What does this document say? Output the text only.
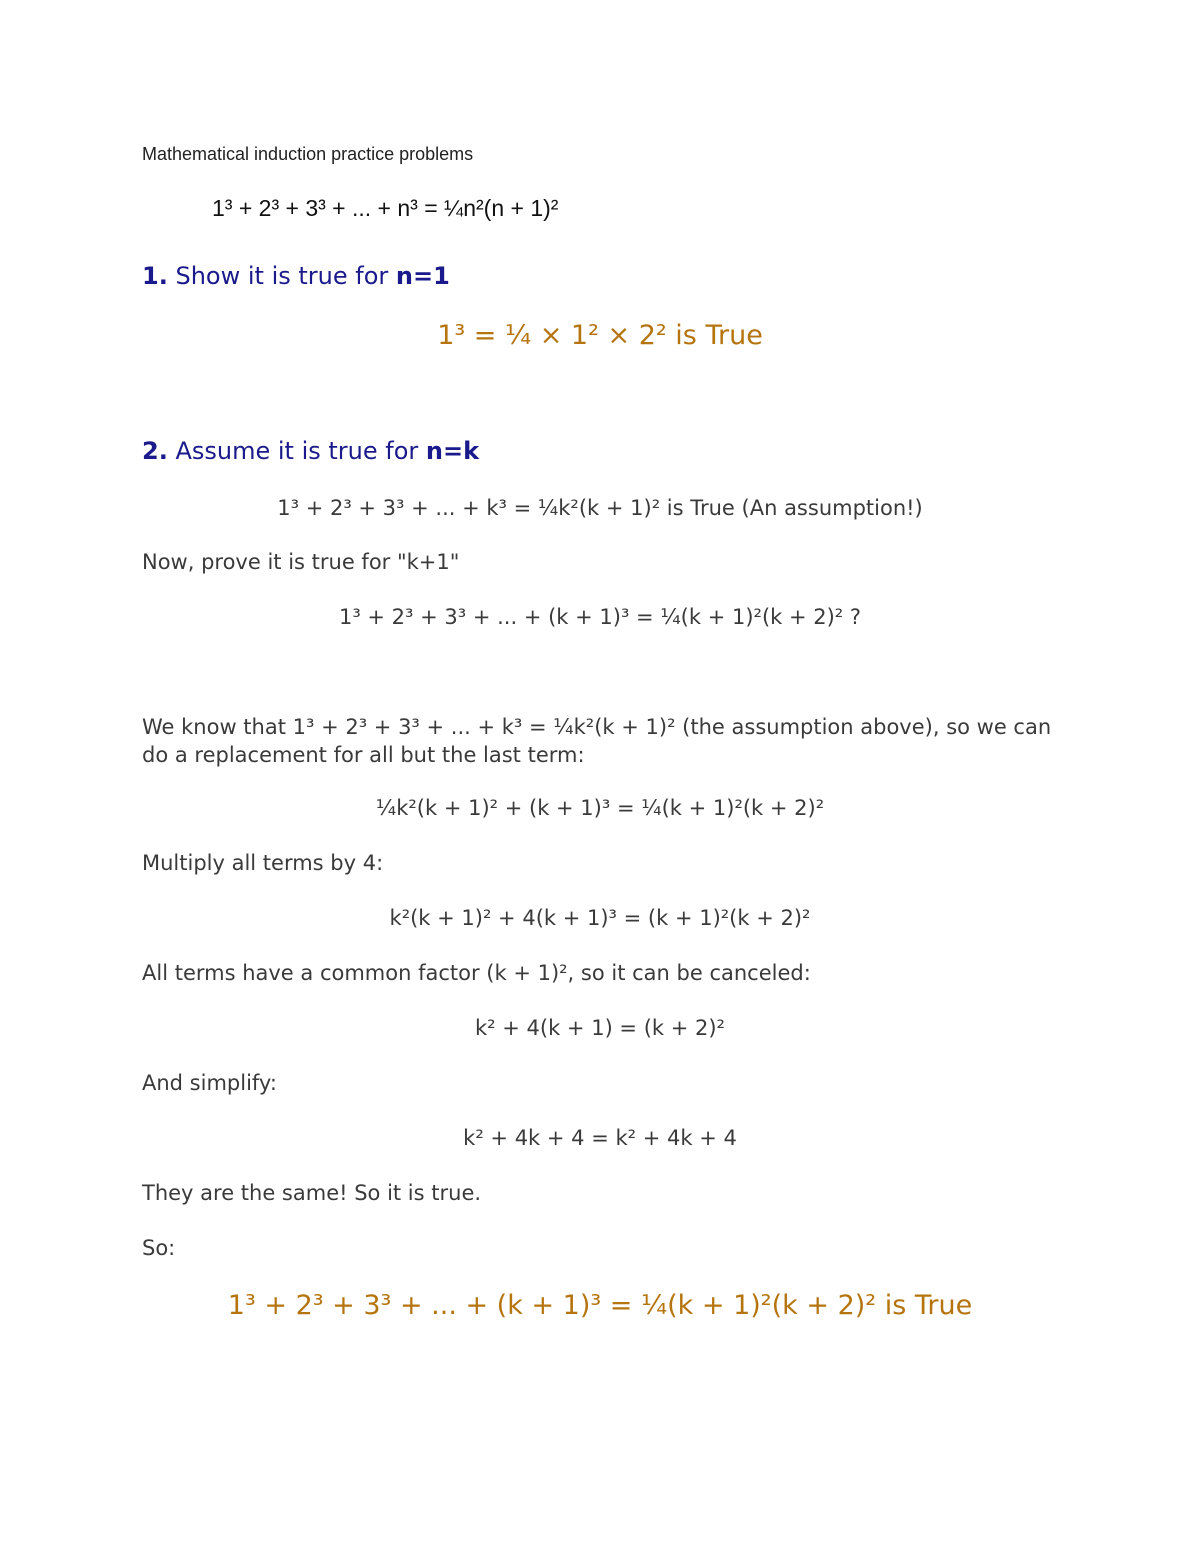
Mathematical induction practice problems
1³ + 2³ + 3³ + ... + n³ = ¼n²(n + 1)²
1. Show it is true for n=1
1³ = ¼ × 1² × 2² is True
2. Assume it is true for n=k
1³ + 2³ + 3³ + ... + k³ = ¼k²(k + 1)² is True (An assumption!)
Now, prove it is true for "k+1"
1³ + 2³ + 3³ + ... + (k + 1)³ = ¼(k + 1)²(k + 2)² ?
We know that 1³ + 2³ + 3³ + ... + k³ = ¼k²(k + 1)² (the assumption above), so we can do a replacement for all but the last term:
¼k²(k + 1)² + (k + 1)³ = ¼(k + 1)²(k + 2)²
Multiply all terms by 4:
k²(k + 1)² + 4(k + 1)³ = (k + 1)²(k + 2)²
All terms have a common factor (k + 1)², so it can be canceled:
k² + 4(k + 1) = (k + 2)²
And simplify:
k² + 4k + 4 = k² + 4k + 4
They are the same! So it is true.
So:
1³ + 2³ + 3³ + ... + (k + 1)³ = ¼(k + 1)²(k + 2)² is True
